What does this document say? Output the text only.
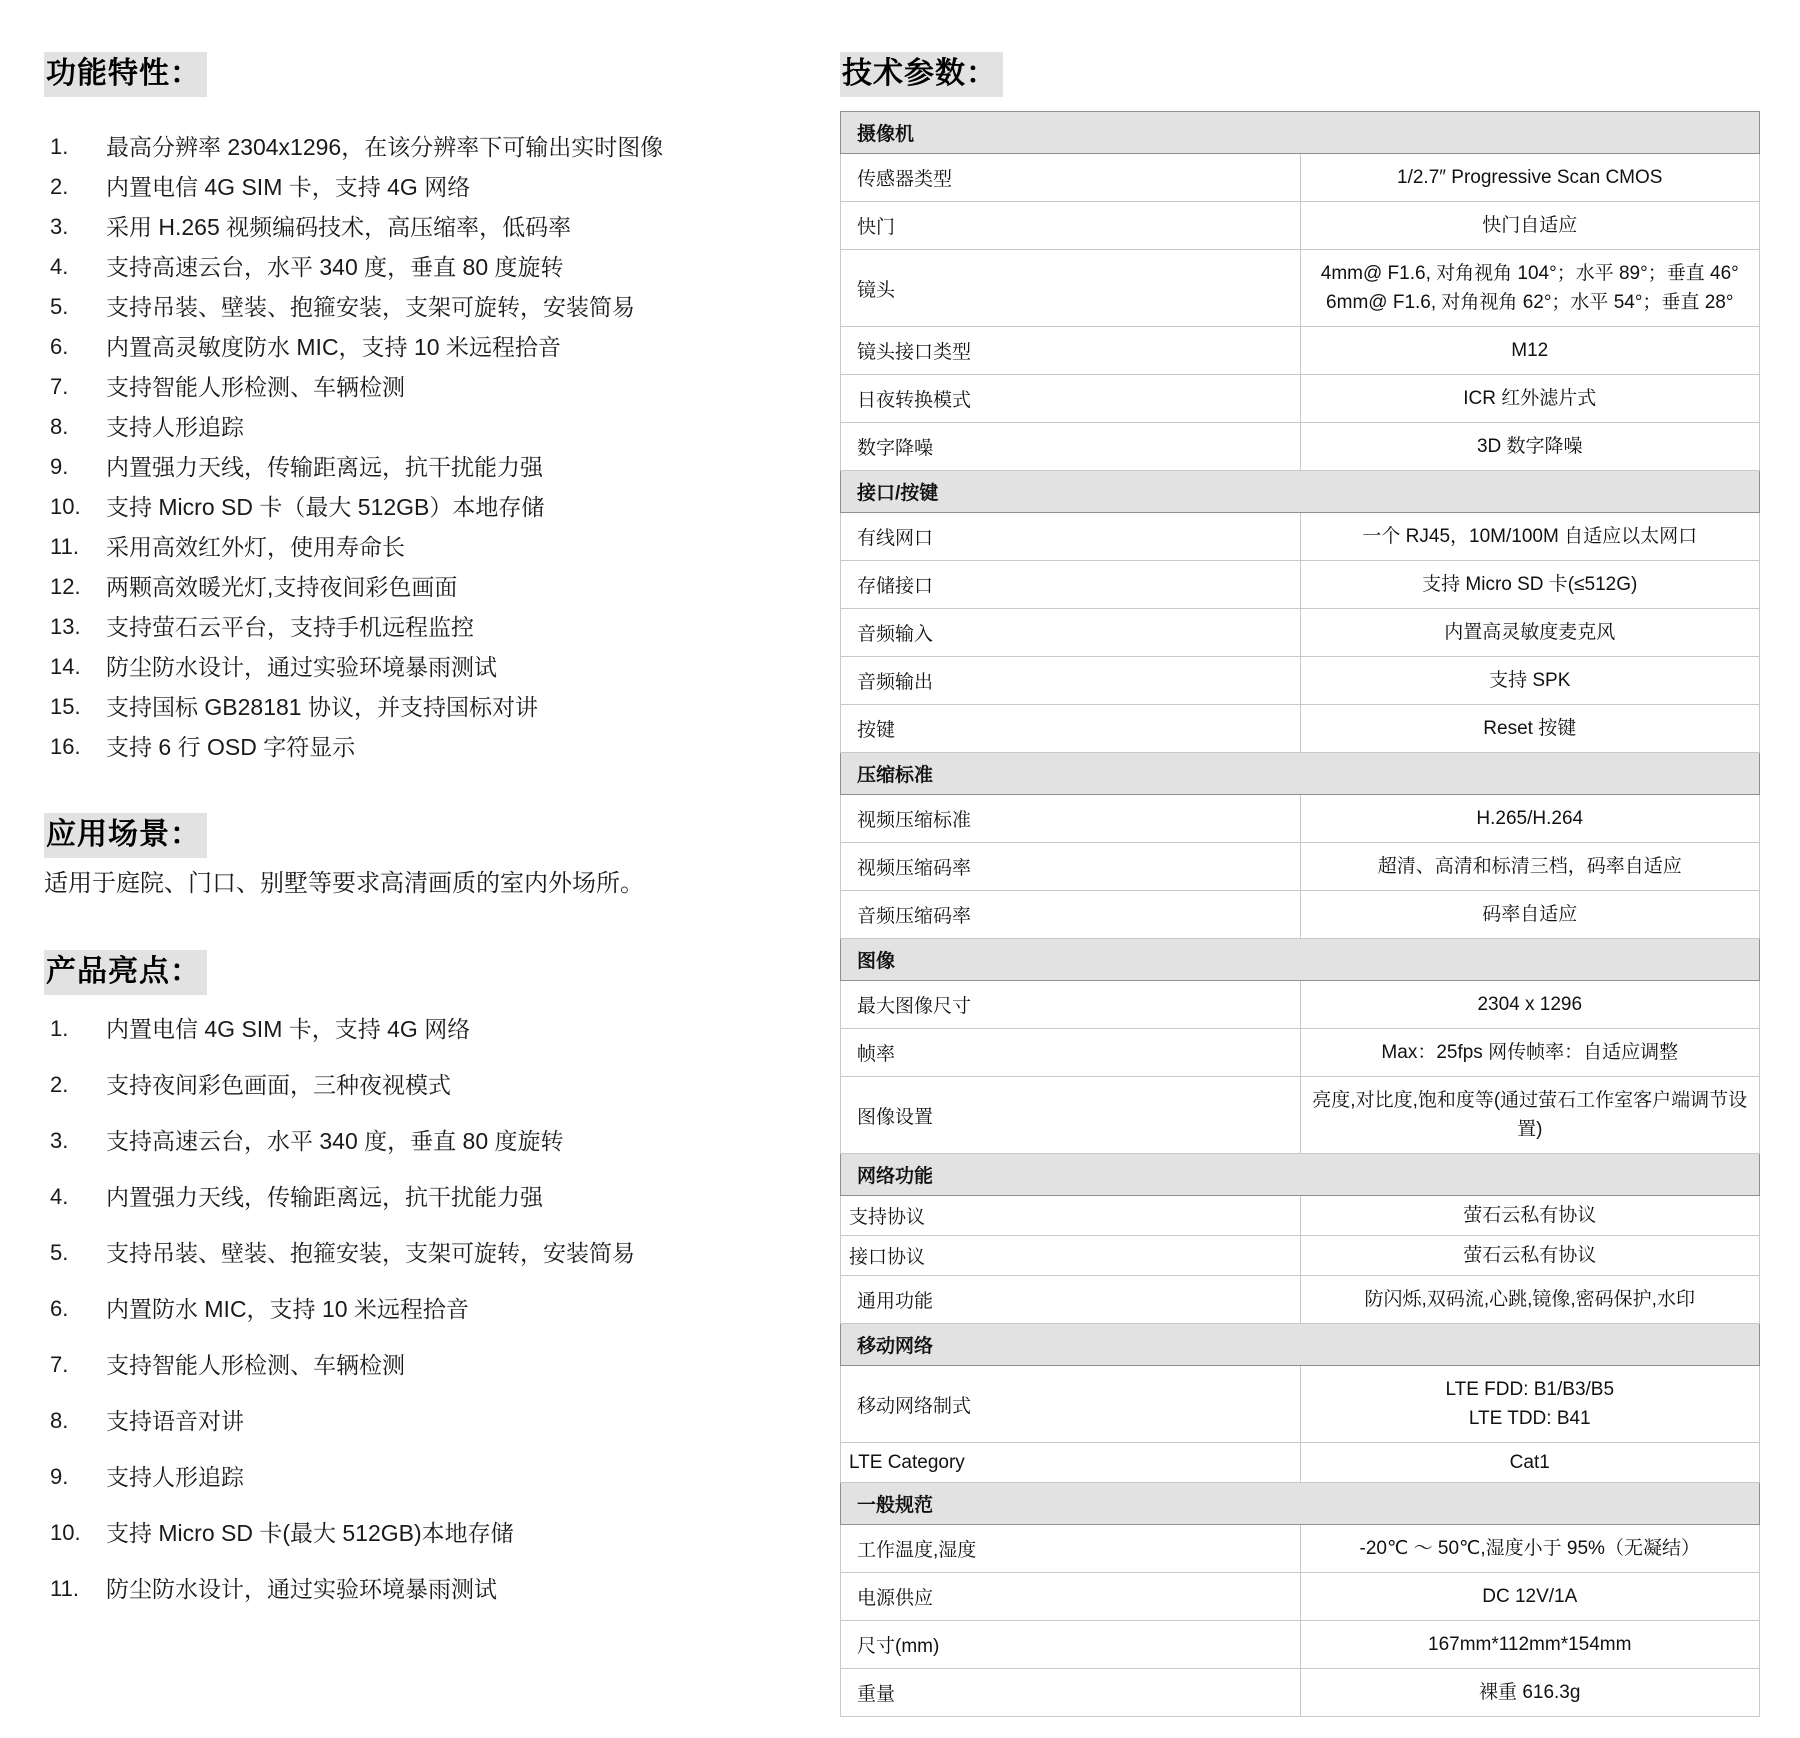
功能特性：
1.	最高分辨率 2304x1296，在该分辨率下可输出实时图像
2.	内置电信 4G SIM 卡，支持 4G 网络
3.	采用 H.265 视频编码技术，高压缩率，低码率
4.	支持高速云台，水平 340 度，垂直 80 度旋转
5.	支持吊装、壁装、抱箍安装，支架可旋转，安装简易
6.	内置高灵敏度防水 MIC，支持 10 米远程拾音
7.	支持智能人形检测、车辆检测
8.	支持人形追踪
9.	内置强力天线，传输距离远，抗干扰能力强
10.	支持 Micro SD 卡（最大 512GB）本地存储
11.	采用高效红外灯，使用寿命长
12.	两颗高效暖光灯,支持夜间彩色画面
13.	支持萤石云平台，支持手机远程监控
14.	防尘防水设计，通过实验环境暴雨测试
15.	支持国标 GB28181 协议，并支持国标对讲
16.	支持 6 行 OSD 字符显示
应用场景：

适用于庭院、门口、别墅等要求高清画质的室内外场所。

产品亮点：
1.	内置电信 4G SIM 卡，支持 4G 网络
2.	支持夜间彩色画面，三种夜视模式
3.	支持高速云台，水平 340 度，垂直 80 度旋转
4.	内置强力天线，传输距离远，抗干扰能力强
5.	支持吊装、壁装、抱箍安装，支架可旋转，安装简易
6.	内置防水 MIC，支持 10 米远程拾音
7.	支持智能人形检测、车辆检测
8.	支持语音对讲
9.	支持人形追踪
10.	支持 Micro SD 卡(最大 512GB)本地存储
11.	防尘防水设计，通过实验环境暴雨测试
技术参数：
摄像机	
传感器类型	1/2.7″ Progressive Scan CMOS

快门	快门自适应

镜头	4mm@ F1.6, 对角视角 104°；水平 89°；垂直 46°
6mm@ F1.6, 对角视角 62°；水平 54°；垂直 28°

镜头接口类型	M12

日夜转换模式	ICR 红外滤片式

数字降噪	3D 数字降噪

接口/按键	
有线网口	一个 RJ45，10M/100M 自适应以太网口

存储接口	支持 Micro SD 卡(≤512G)

音频输入	内置高灵敏度麦克风

音频输出	支持 SPK

按键	Reset 按键

压缩标准	
视频压缩标准	H.265/H.264

视频压缩码率	超清、高清和标清三档，码率自适应

音频压缩码率	码率自适应

图像	
最大图像尺寸	2304 x 1296

帧率	Max：25fps 网传帧率：自适应调整

图像设置	亮度,对比度,饱和度等(通过萤石工作室客户端调节设置)

网络功能	
支持协议	萤石云私有协议

接口协议	萤石云私有协议

通用功能	防闪烁,双码流,心跳,镜像,密码保护,水印

移动网络	
移动网络制式	LTE FDD: B1/B3/B5
LTE TDD: B41

LTE Category	Cat1

一般规范	
工作温度,湿度	-20℃ ～ 50℃,湿度小于 95%（无凝结）

电源供应	DC 12V/1A

尺寸(mm)	167mm*112mm*154mm

重量	裸重 616.3g
